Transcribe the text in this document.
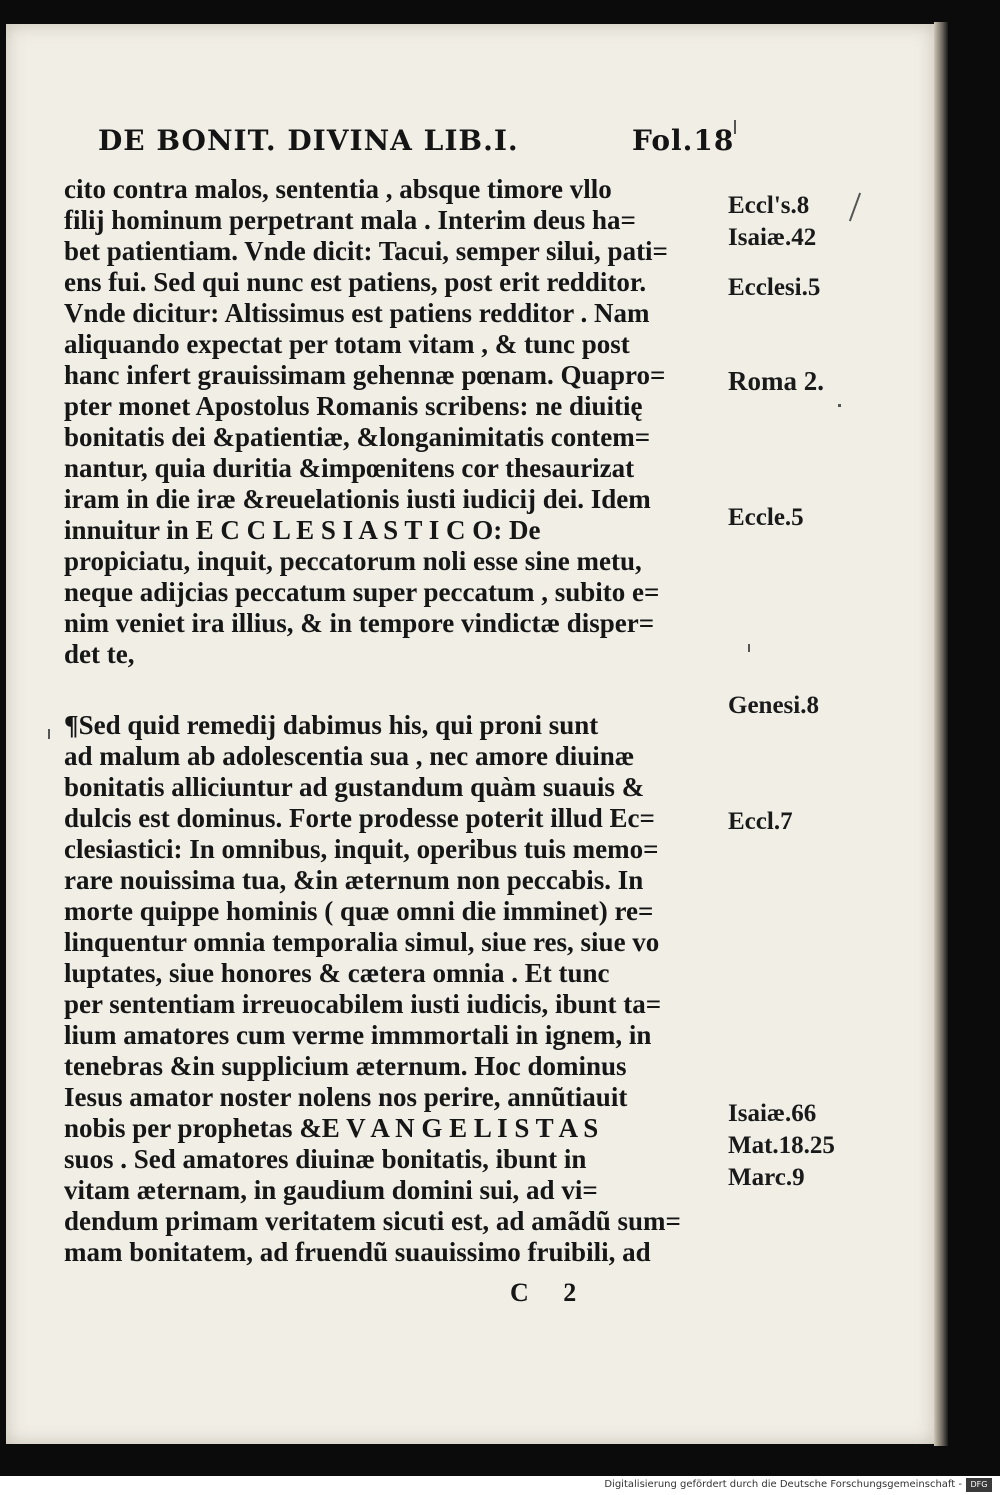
DE BONIT. DIVINA LIB.I.	Fol.18
cito contra malos, sententia , absque timore vllo
filij hominum perpetrant mala . Interim deus ha=
bet patientiam. Vnde dicit: Tacui, semper silui, pati=
ens fui. Sed qui nunc est patiens, post erit redditor.
Vnde dicitur: Altissimus est patiens redditor . Nam
aliquando expectat per totam vitam , & tunc post
hanc infert grauissimam gehennæ pœnam. Quapro=
pter monet Apostolus Romanis scribens: ne diuitię
bonitatis dei &patientiæ, &longanimitatis contem=
nantur, quia duritia &impœnitens cor thesaurizat
iram in die iræ &reuelationis iusti iudicij dei. Idem
innuitur in E C C L E S I A S T I C O: De
propiciatu, inquit, peccatorum noli esse sine metu,
neque adijcias peccatum super peccatum , subito e=
nim veniet ira illius, & in tempore vindictæ disper=
det te,
¶Sed quid remedij dabimus his, qui proni sunt
ad malum ab adolescentia sua , nec amore diuinæ
bonitatis alliciuntur ad gustandum quàm suauis &
dulcis est dominus. Forte prodesse poterit illud Ec=
clesiastici: In omnibus, inquit, operibus tuis memo=
rare nouissima tua, &in æternum non peccabis. In
morte quippe hominis ( quæ omni die imminet) re=
linquentur omnia temporalia simul, siue res, siue vo
luptates, siue honores & cætera omnia . Et tunc
per sententiam irreuocabilem iusti iudicis, ibunt ta=
lium amatores cum verme immmortali in ignem, in
tenebras &in supplicium æternum. Hoc dominus
Iesus amator noster nolens nos perire, annũtiauit
nobis per prophetas &E V A N G E L I S T A S
suos . Sed amatores diuinæ bonitatis, ibunt in
vitam æternam, in gaudium domini sui, ad vi=
dendum primam veritatem sicuti est, ad amãdũ sum=
mam bonitatem, ad fruendũ suauissimo fruibili, ad
Eccl's.8
Isaiæ.42
Ecclesi.5
Roma 2.
Eccle.5
Genesi.8
Eccl.7
Isaiæ.66
Mat.18.25
Marc.9
C 2
Digitalisierung gefördert durch die Deutsche Forschungsgemeinschaft -	DFG
